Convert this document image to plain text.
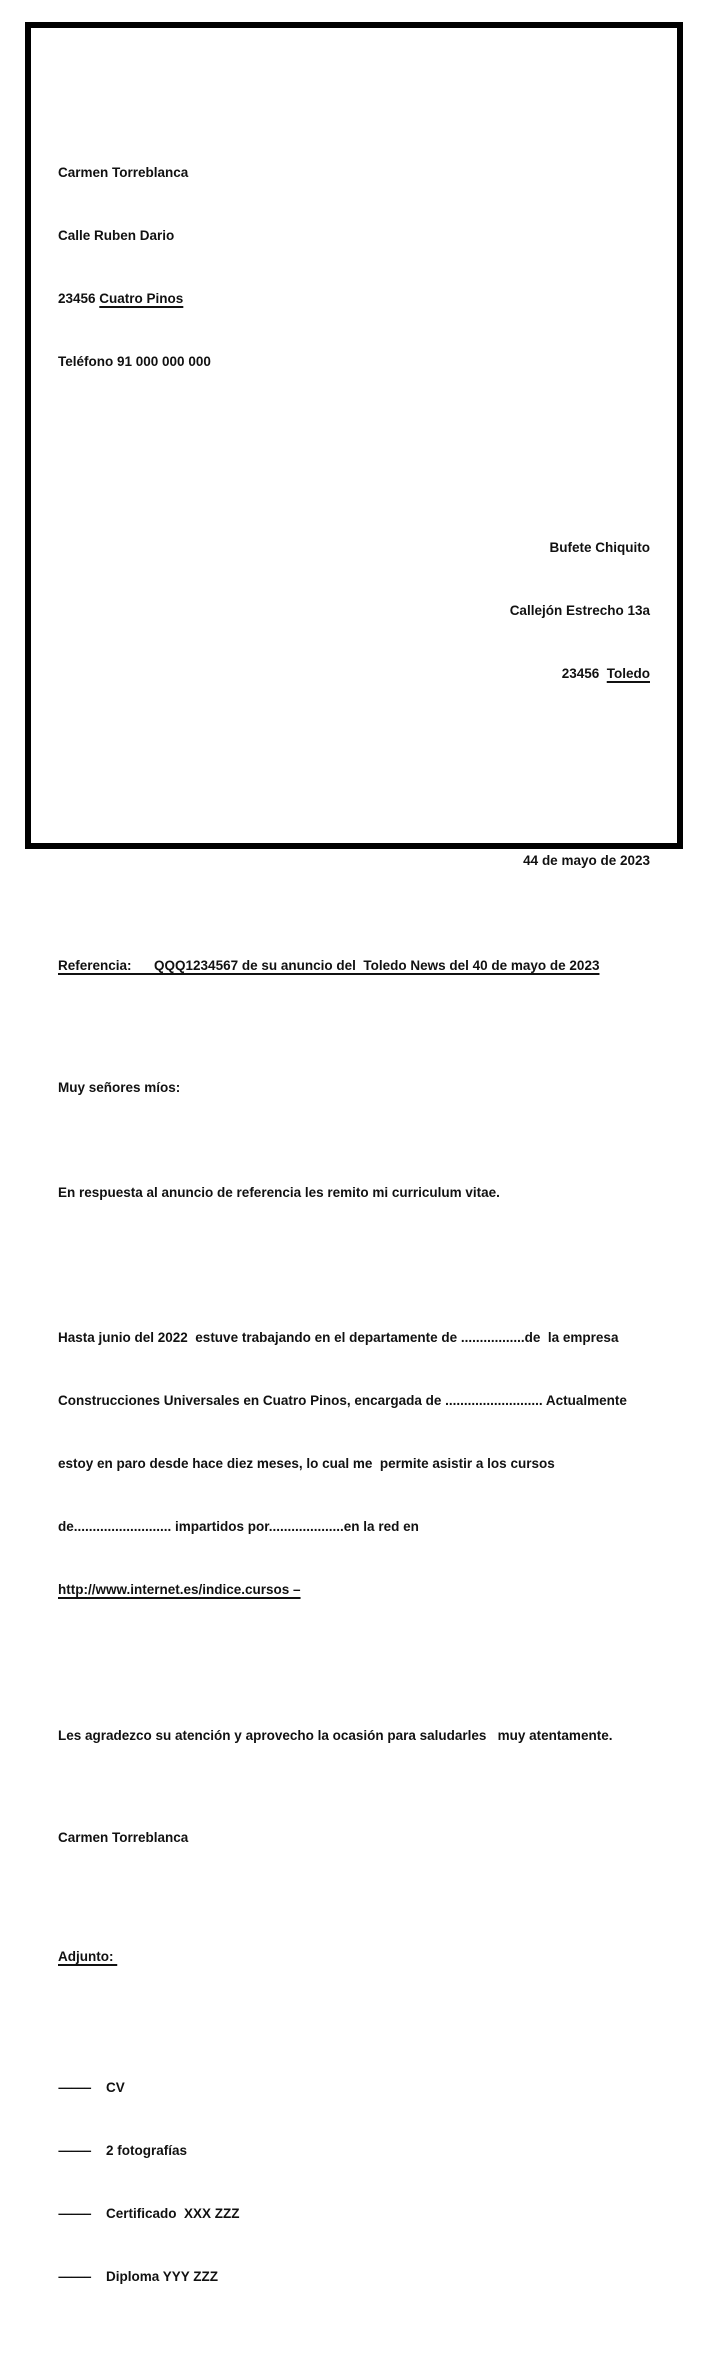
Carmen Torreblanca

Calle Ruben Dario

23456 Cuatro Pinos

Teléfono 91 000 000 000

Bufete Chiquito

Callejón Estrecho 13a

23456  Toledo

44 de mayo de 2023

Referencia:      QQQ1234567 de su anuncio del  Toledo News del 40 de mayo de 2023

Muy señores míos:

En respuesta al anuncio de referencia les remito mi curriculum vitae.

Hasta junio del 2022  estuve trabajando en el departamente de .................de  la empresa

Construcciones Universales en Cuatro Pinos, encargada de .......................... Actualmente

estoy en paro desde hace diez meses, lo cual me  permite asistir a los cursos

de.......................... impartidos por....................en la red en

http://www.internet.es/indice.cursos –

Les agradezco su atención y aprovecho la ocasión para saludarles   muy atentamente.

Carmen Torreblanca

Adjunto:

––––– CV

––––– 2 fotografías

––––– Certificado  XXX ZZZ

––––– Diploma YYY ZZZ
